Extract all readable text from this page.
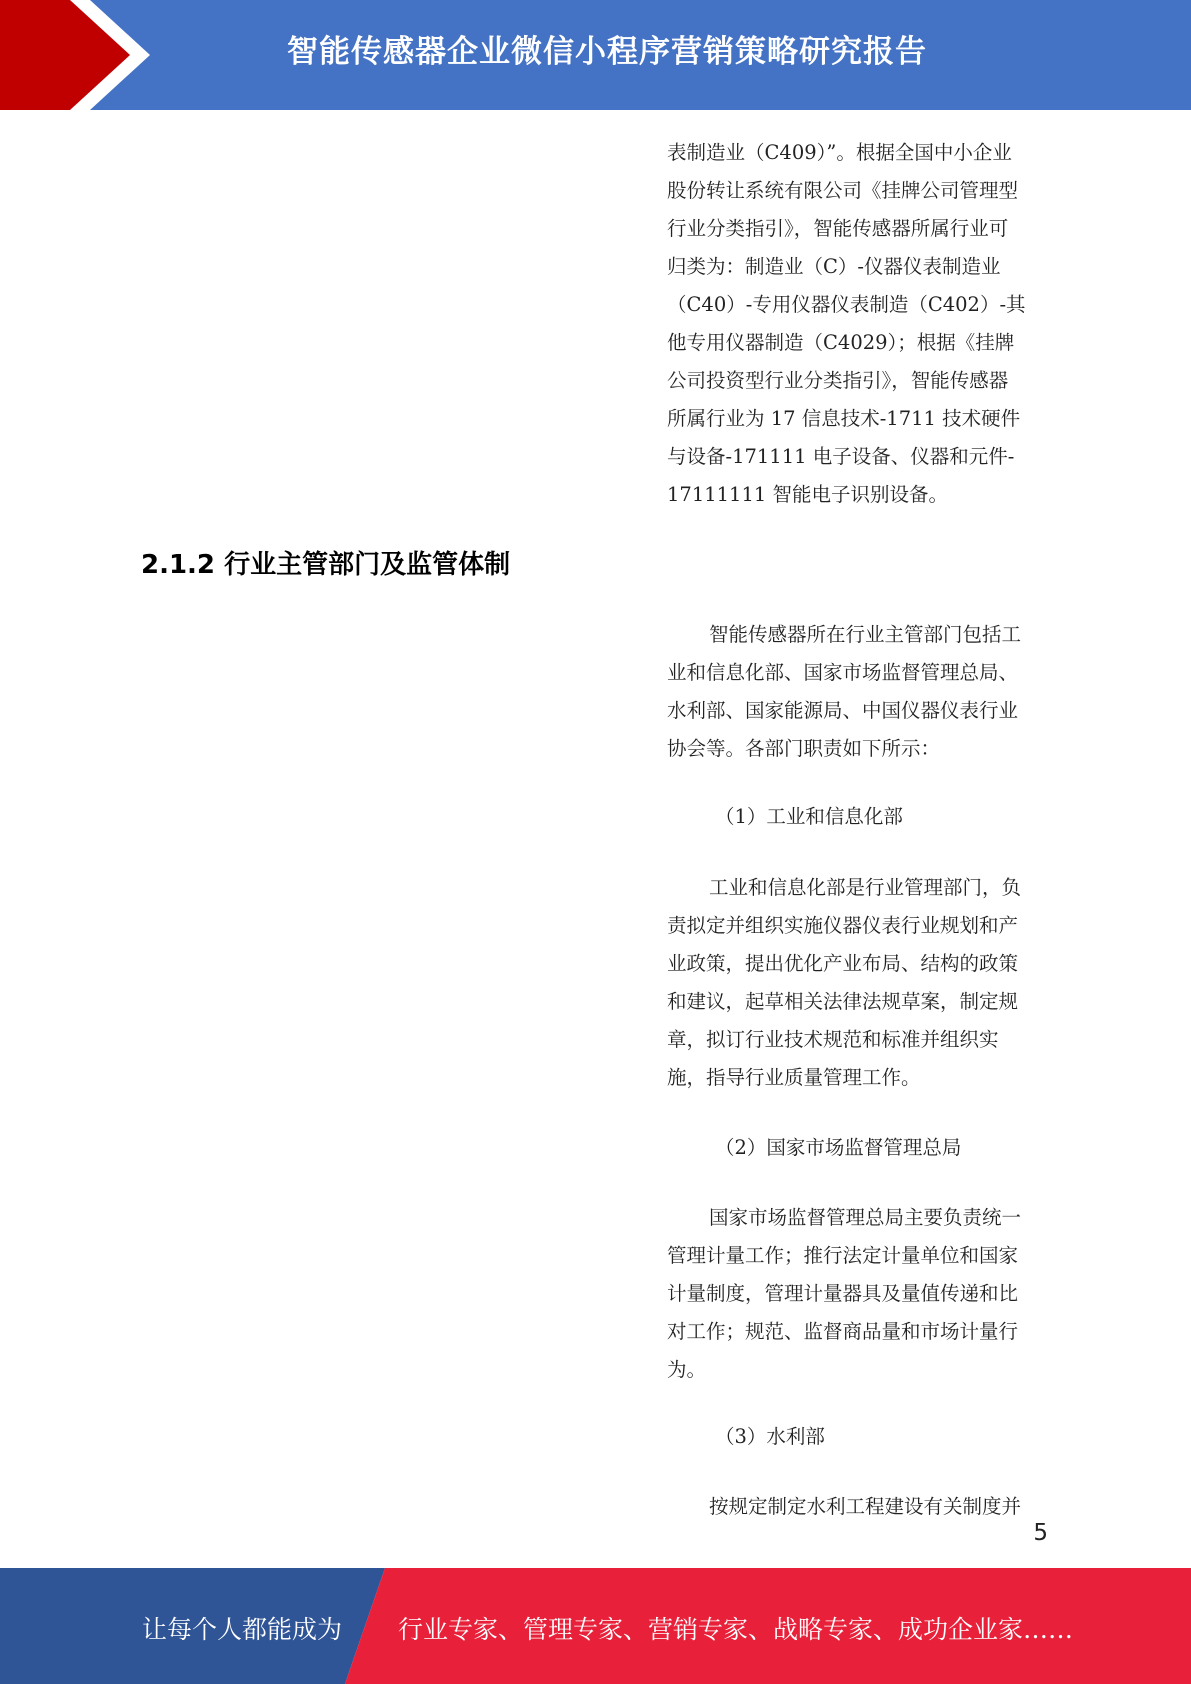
智能传感器企业微信小程序营销策略研究报告

表制造业（C409）”。根据全国中小企业

股份转让系统有限公司《挂牌公司管理型

行业分类指引》，智能传感器所属行业可

归类为：制造业（C）-仪器仪表制造业

（C40）-专用仪器仪表制造（C402）-其

他专用仪器制造（C4029）；根据《挂牌

公司投资型行业分类指引》，智能传感器

所属行业为 17 信息技术-1711 技术硬件

与设备-171111 电子设备、仪器和元件-

17111111 智能电子识别设备。

2.1.2 行业主管部门及监管体制

智能传感器所在行业主管部门包括工

业和信息化部、国家市场监督管理总局、

水利部、国家能源局、中国仪器仪表行业

协会等。各部门职责如下所示：

（1）工业和信息化部

工业和信息化部是行业管理部门，负

责拟定并组织实施仪器仪表行业规划和产

业政策，提出优化产业布局、结构的政策

和建议，起草相关法律法规草案，制定规

章，拟订行业技术规范和标准并组织实

施，指导行业质量管理工作。

（2）国家市场监督管理总局

国家市场监督管理总局主要负责统一

管理计量工作；推行法定计量单位和国家

计量制度，管理计量器具及量值传递和比

对工作；规范、监督商品量和市场计量行

为。

（3）水利部

按规定制定水利工程建设有关制度并

5
让每个人都能成为 行业专家、管理专家、营销专家、战略专家、成功企业家……
